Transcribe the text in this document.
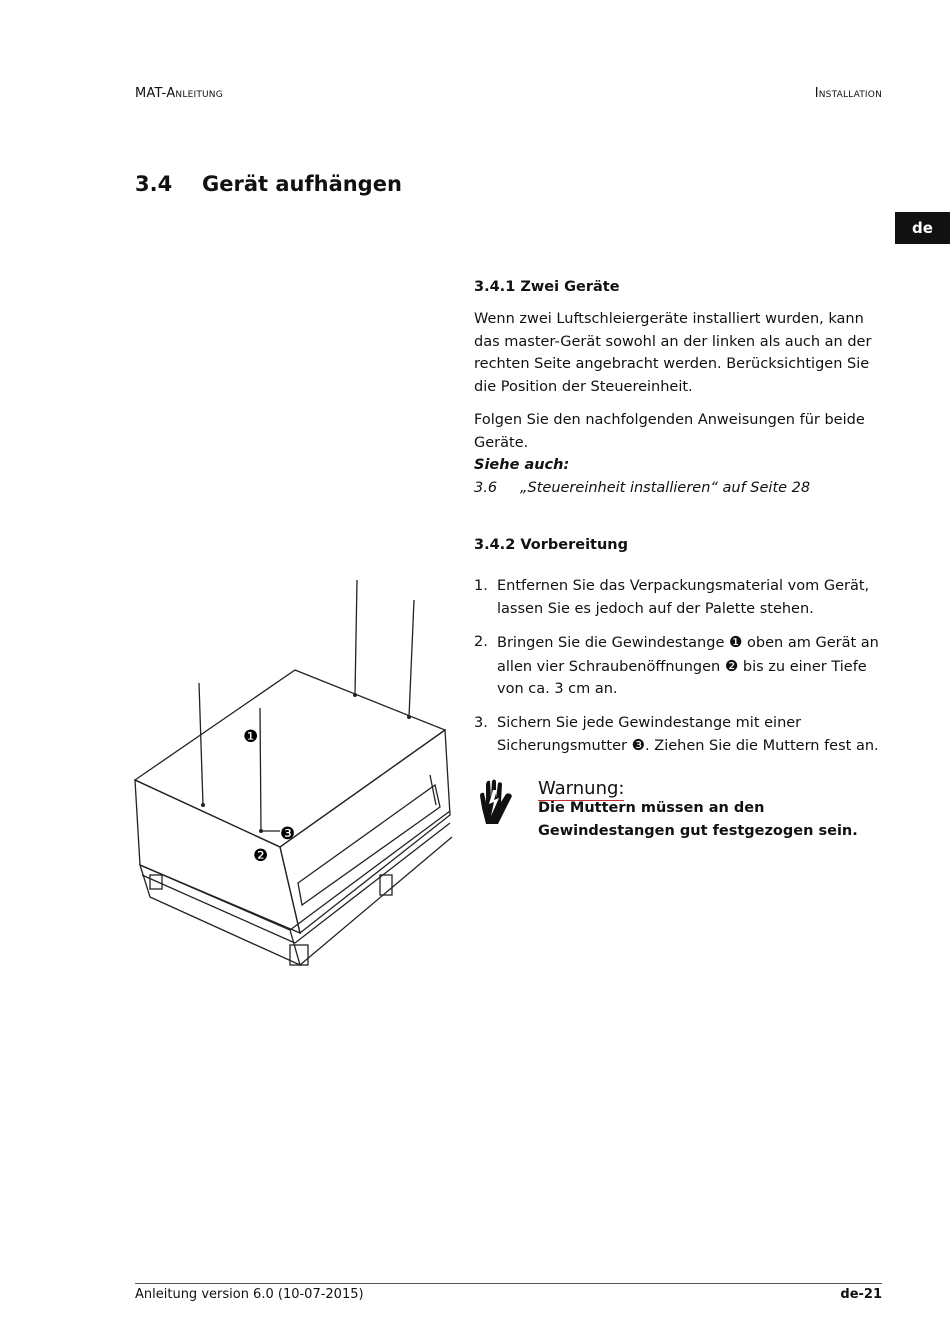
MAT-Anleitung	Installation
3.4 Gerät aufhängen
de
❶
❸
❷
3.4.1 Zwei Geräte

Wenn zwei Luftschleiergeräte installiert wurden, kann das master-Gerät sowohl an der linken als auch an der rechten Seite angebracht werden. Berücksichtigen Sie die Position der Steuereinheit.

Folgen Sie den nachfolgenden Anweisungen für beide Geräte.

Siehe auch:
3.6 „Steuereinheit installieren“ auf Seite 28
3.4.2 Vorbereitung
1. Entfernen Sie das Verpackungsmaterial vom Gerät, lassen Sie es jedoch auf der Palette stehen.
2. Bringen Sie die Gewindestange ❶ oben am Gerät an allen vier Schraubenöffnungen ❷ bis zu einer Tiefe von ca. 3 cm an.
3. Sichern Sie jede Gewindestange mit einer Sicherungsmutter ❸. Ziehen Sie die Muttern fest an.
Warnung:
Die Muttern müssen an den Gewindestangen gut festgezogen sein.
Anleitung version 6.0 (10-07-2015)	de-21
